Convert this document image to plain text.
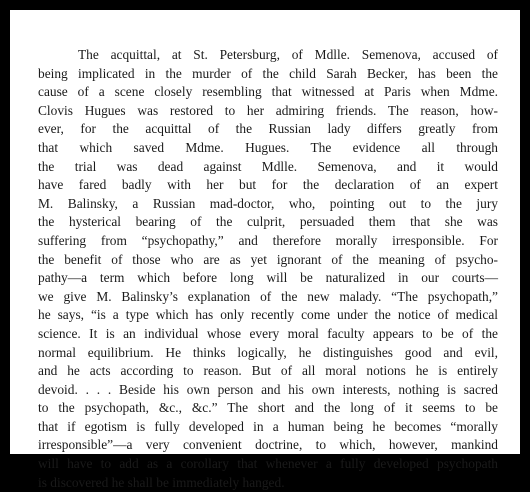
The acquittal, at St. Petersburg, of Mdlle. Semenova, accused of
being implicated in the murder of the child Sarah Becker, has been the
cause of a scene closely resembling that witnessed at Paris when Mdme.
Clovis Hugues was restored to her admiring friends. The reason, how-
ever, for the acquittal of the Russian lady differs greatly from
that which saved Mdme. Hugues. The evidence all through
the trial was dead against Mdlle. Semenova, and it would
have fared badly with her but for the declaration of an expert
M. Balinsky, a Russian mad-doctor, who, pointing out to the jury
the hysterical bearing of the culprit, persuaded them that she was
suffering from “psychopathy,” and therefore morally irresponsible. For
the benefit of those who are as yet ignorant of the meaning of psycho-
pathy—a term which before long will be naturalized in our courts—
we give M. Balinsky’s explanation of the new malady. “The psychopath,”
he says, “is a type which has only recently come under the notice of medical
science. It is an individual whose every moral faculty appears to be of the
normal equilibrium. He thinks logically, he distinguishes good and evil,
and he acts according to reason. But of all moral notions he is entirely
devoid. . . . Beside his own person and his own interests, nothing is sacred
to the psychopath, &c., &c.” The short and the long of it seems to be
that if egotism is fully developed in a human being he becomes “morally
irresponsible”—a very convenient doctrine, to which, however, mankind
will have to add as a corollary that whenever a fully developed psychopath
is discovered he shall be immediately hanged.
